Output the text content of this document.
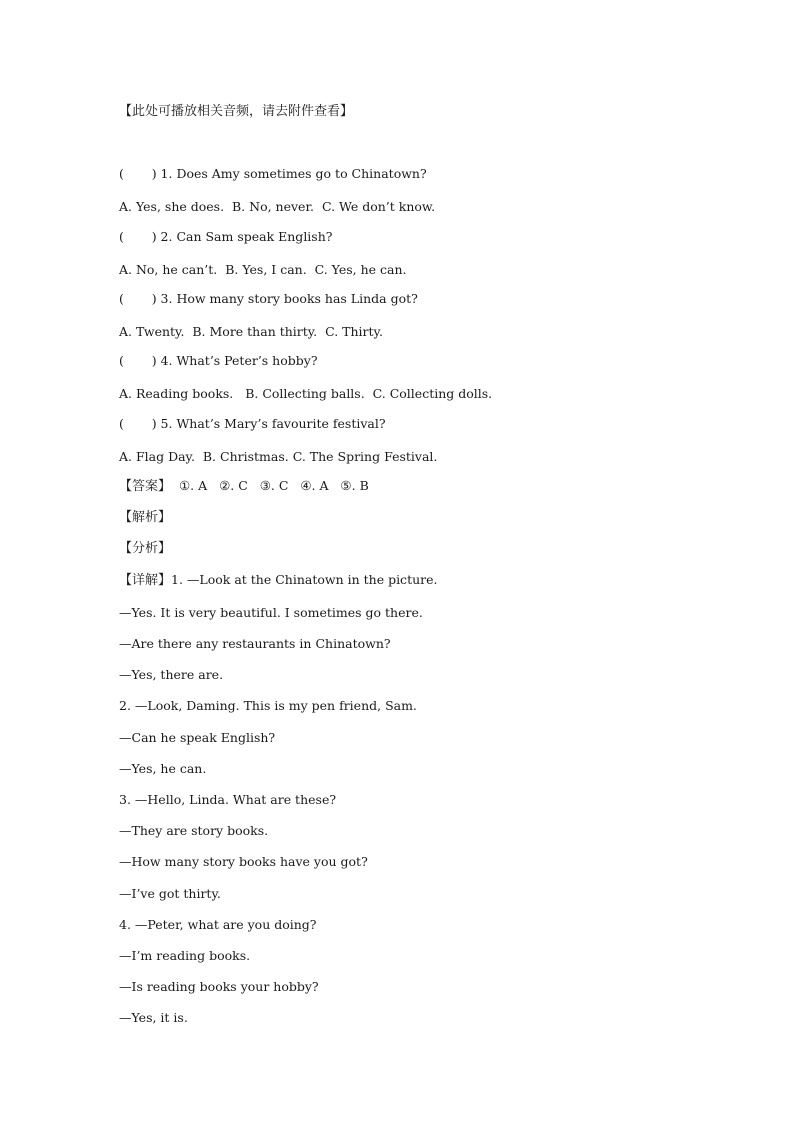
【此处可播放相关音频，请去附件查看】
(       ) 1. Does Amy sometimes go to Chinatown?
A. Yes, she does.  B. No, never.  C. We don’t know.
(       ) 2. Can Sam speak English?
A. No, he can’t.  B. Yes, I can.  C. Yes, he can.
(       ) 3. How many story books has Linda got?
A. Twenty.  B. More than thirty.  C. Thirty.
(       ) 4. What’s Peter’s hobby?
A. Reading books.   B. Collecting balls.  C. Collecting dolls.
(       ) 5. What’s Mary’s favourite festival?
A. Flag Day.  B. Christmas. C. The Spring Festival.
【答案】  ①. A   ②. C   ③. C   ④. A   ⑤. B
【解析】
【分析】
【详解】1. —Look at the Chinatown in the picture.
—Yes. It is very beautiful. I sometimes go there.
—Are there any restaurants in Chinatown?
—Yes, there are.
2. —Look, Daming. This is my pen friend, Sam.
—Can he speak English?
—Yes, he can.
3. —Hello, Linda. What are these?
—They are story books.
—How many story books have you got?
—I’ve got thirty.
4. —Peter, what are you doing?
—I’m reading books.
—Is reading books your hobby?
—Yes, it is.
